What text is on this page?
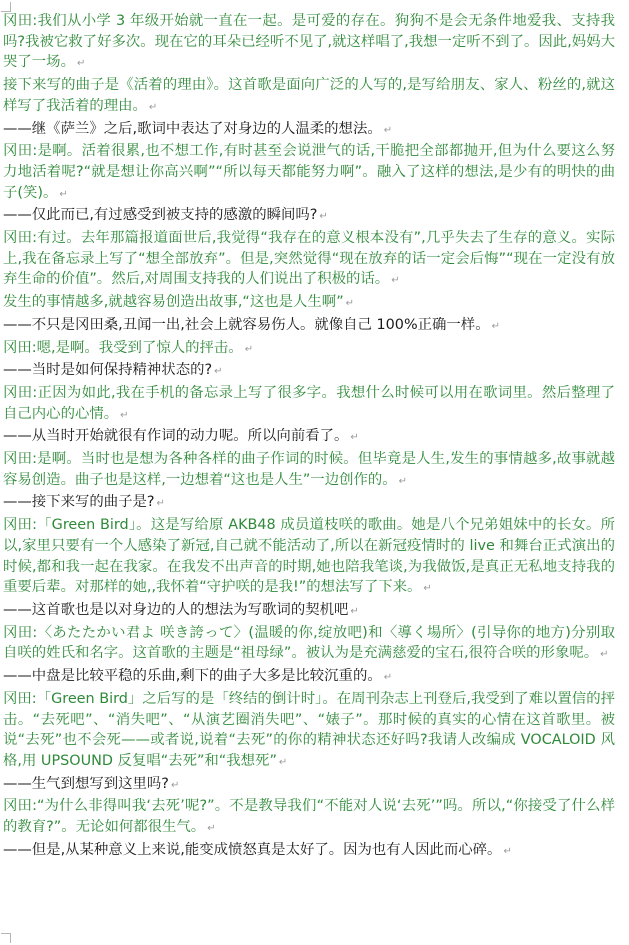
冈田:我们从小学 3 年级开始就一直在一起。是可爱的存在。狗狗不是会无条件地爱我、支持我吗?我被它救了好多次。现在它的耳朵已经听不见了,就这样唱了,我想一定听不到了。因此,妈妈大哭了一场。 ↵

接下来写的曲子是《活着的理由》。这首歌是面向广泛的人写的,是写给朋友、家人、粉丝的,就这样写了我活着的理由。 ↵

——继《萨兰》之后,歌词中表达了对身边的人温柔的想法。 ↵

冈田:是啊。活着很累,也不想工作,有时甚至会说泄气的话,干脆把全部都抛开,但为什么要这么努力地活着呢?“就是想让你高兴啊”“所以每天都能努力啊”。融入了这样的想法,是少有的明快的曲子(笑)。 ↵

——仅此而已,有过感受到被支持的感激的瞬间吗? ↵

冈田:有过。去年那篇报道面世后,我觉得“我存在的意义根本没有”,几乎失去了生存的意义。实际上,我在备忘录上写了“想全部放弃”。但是,突然觉得“现在放弃的话一定会后悔”“现在一定没有放弃生命的价值”。然后,对周围支持我的人们说出了积极的话。 ↵

发生的事情越多,就越容易创造出故事,“这也是人生啊” ↵

——不只是冈田桑,丑闻一出,社会上就容易伤人。就像自己 100%正确一样。 ↵

冈田:嗯,是啊。我受到了惊人的抨击。 ↵

——当时是如何保持精神状态的? ↵

冈田:正因为如此,我在手机的备忘录上写了很多字。我想什么时候可以用在歌词里。然后整理了自己内心的心情。 ↵

——从当时开始就很有作词的动力呢。所以向前看了。 ↵

冈田:是啊。当时也是想为各种各样的曲子作词的时候。但毕竟是人生,发生的事情越多,故事就越容易创造。曲子也是这样,一边想着“这也是人生”一边创作的。 ↵

——接下来写的曲子是? ↵

冈田:「Green Bird」。这是写给原 AKB48 成员道枝咲的歌曲。她是八个兄弟姐妹中的长女。所以,家里只要有一个人感染了新冠,自己就不能活动了,所以在新冠疫情时的 live 和舞台正式演出的时候,都和我一起在我家。在我发不出声音的时期,她也陪我笔谈,为我做饭,是真正无私地支持我的重要后辈。对那样的她,,我怀着“守护咲的是我!”的想法写了下来。 ↵

——这首歌也是以对身边的人的想法为写歌词的契机吧 ↵

冈田:〈あたたかい君よ 咲き誇って〉(温暖的你,绽放吧)和〈導く場所〉(引导你的地方)分别取自咲的姓氏和名字。这首歌的主题是“祖母绿”。被认为是充满慈爱的宝石,很符合咲的形象呢。 ↵

——中盘是比较平稳的乐曲,剩下的曲子大多是比较沉重的。 ↵

冈田:「Green Bird」之后写的是「终结的倒计时」。在周刊杂志上刊登后,我受到了难以置信的抨击。“去死吧”、“消失吧”、“从演艺圈消失吧”、“婊子”。那时候的真实的心情在这首歌里。被说“去死”也不会死——或者说,说着“去死”的你的精神状态还好吗?我请人改编成 VOCALOID 风格,用 UPSOUND 反复唱“去死”和“我想死” ↵

——生气到想写到这里吗? ↵

冈田:“为什么非得叫我‘去死’呢?”。不是教导我们“不能对人说‘去死’”吗。所以,“你接受了什么样的教育?”。无论如何都很生气。 ↵

——但是,从某种意义上来说,能变成愤怒真是太好了。因为也有人因此而心碎。 ↵
